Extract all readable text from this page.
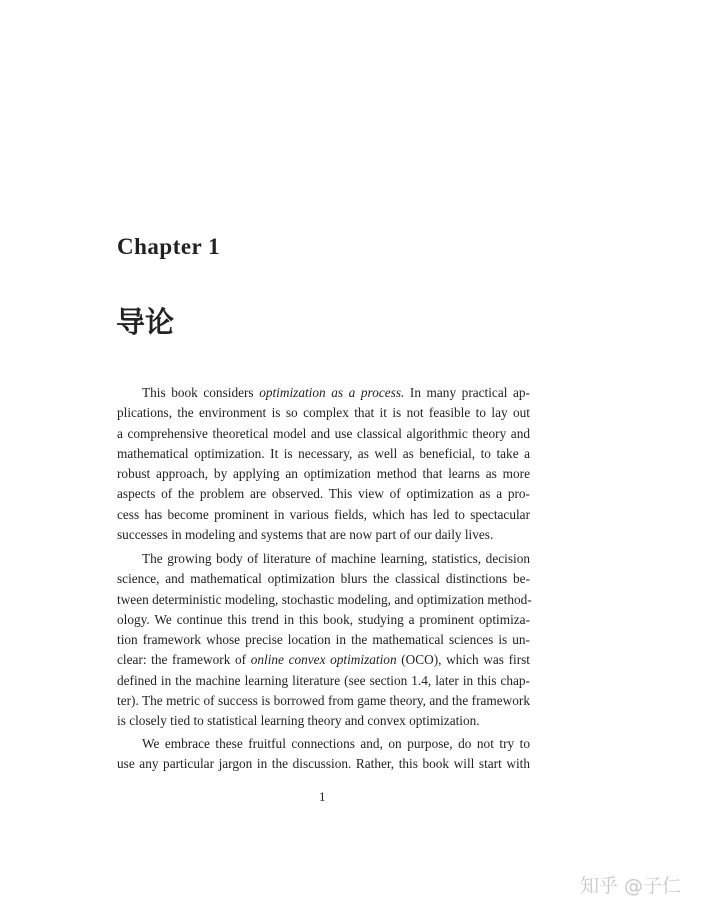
Chapter 1
导论
This book considers optimization as a process. In many practical ap-
plications, the environment is so complex that it is not feasible to lay out
a comprehensive theoretical model and use classical algorithmic theory and
mathematical optimization. It is necessary, as well as beneficial, to take a
robust approach, by applying an optimization method that learns as more
aspects of the problem are observed. This view of optimization as a pro-
cess has become prominent in various fields, which has led to spectacular
successes in modeling and systems that are now part of our daily lives.
The growing body of literature of machine learning, statistics, decision
science, and mathematical optimization blurs the classical distinctions be-
tween deterministic modeling, stochastic modeling, and optimization method-
ology. We continue this trend in this book, studying a prominent optimiza-
tion framework whose precise location in the mathematical sciences is un-
clear: the framework of online convex optimization (OCO), which was first
defined in the machine learning literature (see section 1.4, later in this chap-
ter). The metric of success is borrowed from game theory, and the framework
is closely tied to statistical learning theory and convex optimization.
We embrace these fruitful connections and, on purpose, do not try to
use any particular jargon in the discussion. Rather, this book will start with
1
知乎 @子仁
